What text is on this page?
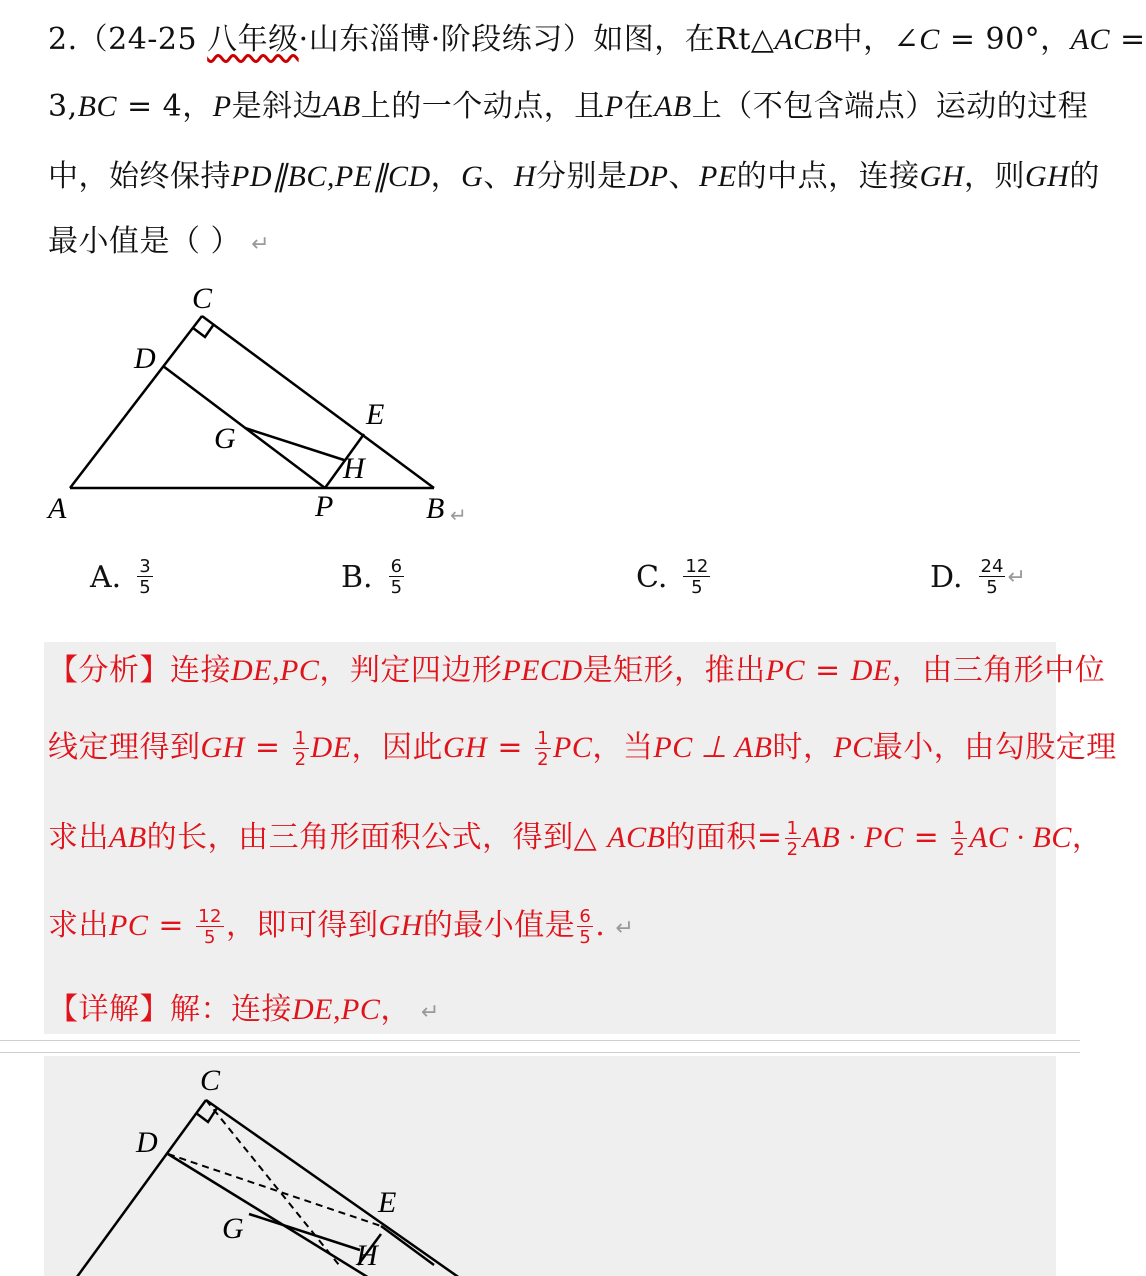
2.（24-25 八年级·山东淄博·阶段练习）如图，在Rt△ACB中，∠C = 90°，AC =
3,BC = 4，P是斜边AB上的一个动点，且P在AB上（不包含端点）运动的过程
中，始终保持PD∥BC,PE∥CD，G、H分别是DP、PE的中点，连接GH，则GH的
最小值是（ ） ↵
C
D
E
G
H
A	P	B ↵
A. $\frac{3}{5}$	B. $\frac{6}{5}$	C. $\frac{12}{5}$	D. $\frac{24}{5}$ ↵
【分析】连接DE,PC，判定四边形PECD是矩形，推出PC = DE，由三角形中位
线定理得到GH = $\frac{1}{2}$ DE，因此GH = $\frac{1}{2}$ PC，当PC ⊥ AB时，PC最小，由勾股定理
求出AB的长，由三角形面积公式，得到△ ACB的面积= $\frac{1}{2}$ AB · PC = $\frac{1}{2}$ AC · BC，
求出PC = $\frac{12}{5}$ ，即可得到GH的最小值是 $\frac{6}{5}$ . ↵
【详解】解：连接DE,PC， ↵
C
D
E
G
H
